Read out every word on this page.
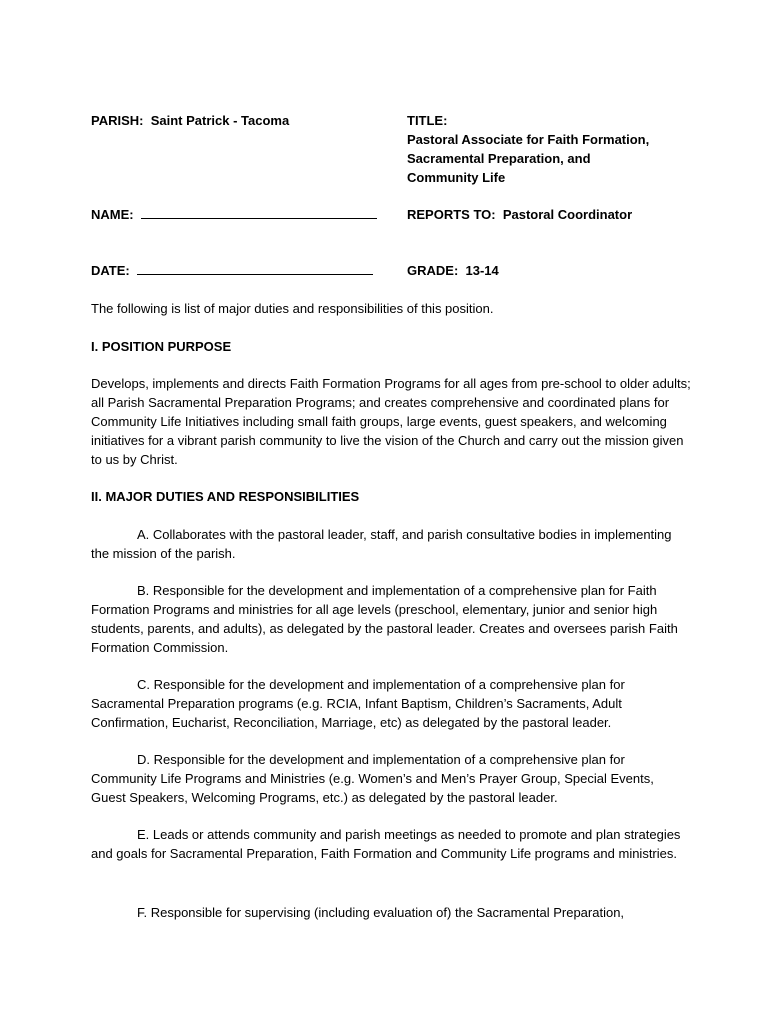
PARISH: Saint Patrick - Tacoma
NAME:
DATE:
TITLE:
Pastoral Associate for Faith Formation,
Sacramental Preparation, and
Community Life
REPORTS TO: Pastoral Coordinator
GRADE: 13-14
The following is list of major duties and responsibilities of this position.
I. POSITION PURPOSE
Develops, implements and directs Faith Formation Programs for all ages from pre-school to older adults; all Parish Sacramental Preparation Programs; and creates comprehensive and coordinated plans for Community Life Initiatives including small faith groups, large events, guest speakers, and welcoming initiatives for a vibrant parish community to live the vision of the Church and carry out the mission given to us by Christ.
II. MAJOR DUTIES AND RESPONSIBILITIES
A. Collaborates with the pastoral leader, staff, and parish consultative bodies in implementing the mission of the parish.
B. Responsible for the development and implementation of a comprehensive plan for Faith Formation Programs and ministries for all age levels (preschool, elementary, junior and senior high students, parents, and adults), as delegated by the pastoral leader. Creates and oversees parish Faith Formation Commission.
C. Responsible for the development and implementation of a comprehensive plan for Sacramental Preparation programs (e.g. RCIA, Infant Baptism, Children’s Sacraments, Adult Confirmation, Eucharist, Reconciliation, Marriage, etc) as delegated by the pastoral leader.
D. Responsible for the development and implementation of a comprehensive plan for Community Life Programs and Ministries (e.g. Women’s and Men’s Prayer Group, Special Events, Guest Speakers, Welcoming Programs, etc.) as delegated by the pastoral leader.
E. Leads or attends community and parish meetings as needed to promote and plan strategies and goals for Sacramental Preparation, Faith Formation and Community Life programs and ministries.
F. Responsible for supervising (including evaluation of) the Sacramental Preparation,
